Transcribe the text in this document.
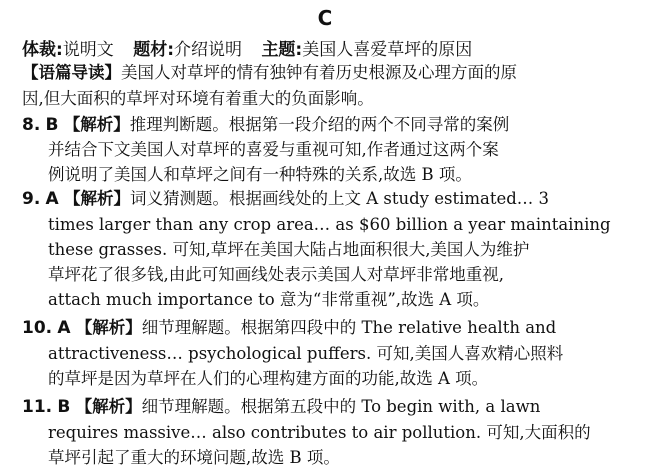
C
体裁:说明文 题材:介绍说明 主题:美国人喜爱草坪的原因
【语篇导读】美国人对草坪的情有独钟有着历史根源及心理方面的原
因,但大面积的草坪对环境有着重大的负面影响。
8. B 【解析】推理判断题。根据第一段介绍的两个不同寻常的案例
并结合下文美国人对草坪的喜爱与重视可知,作者通过这两个案
例说明了美国人和草坪之间有一种特殊的关系,故选 B 项。
9. A 【解析】词义猜测题。根据画线处的上文 A study estimated… 3
times larger than any crop area… as $60 billion a year maintaining
these grasses. 可知,草坪在美国大陆占地面积很大,美国人为维护
草坪花了很多钱,由此可知画线处表示美国人对草坪非常地重视,
attach much importance to 意为“非常重视”,故选 A 项。
10. A 【解析】细节理解题。根据第四段中的 The relative health and
attractiveness… psychological puffers. 可知,美国人喜欢精心照料
的草坪是因为草坪在人们的心理构建方面的功能,故选 A 项。
11. B 【解析】细节理解题。根据第五段中的 To begin with, a lawn
requires massive… also contributes to air pollution. 可知,大面积的
草坪引起了重大的环境问题,故选 B 项。
